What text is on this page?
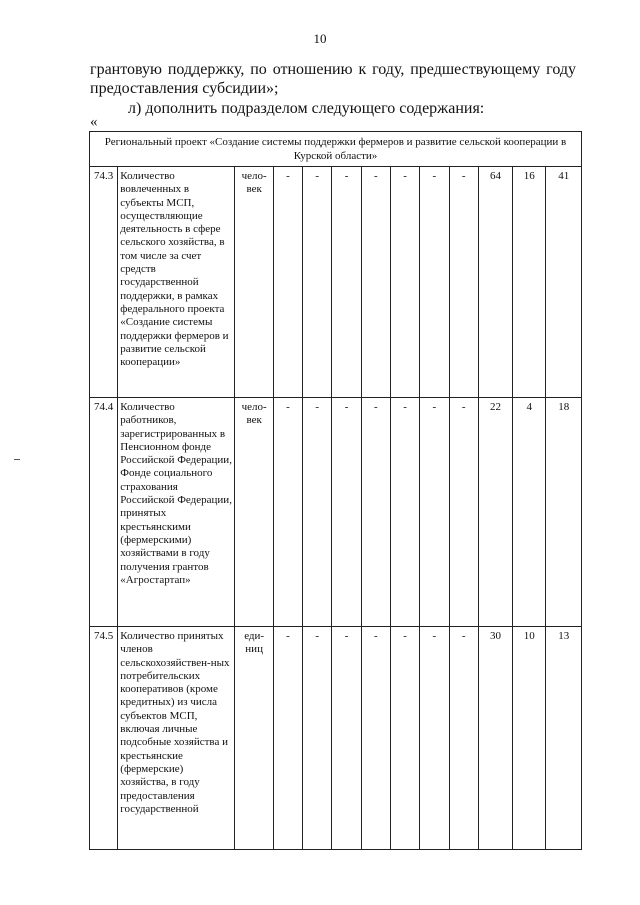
10

грантовую поддержку, по отношению к году, предшествующему году

предоставления субсидии»;

л) дополнить подразделом следующего содержания:

«
Региональный проект «Создание системы поддержки фермеров и развитие сельской кооперации в Курской области»												
74.3	Количество вовлеченных в субъекты МСП, осуществляющие деятельность в сфере сельского хозяйства, в том числе за счет средств государственной поддержки, в рамках федерального проекта «Создание системы поддержки фермеров и развитие сельской кооперации»	чело-век	-	-	-	-	-	-	-	64	16	41
74.4	Количество работников, зарегистрированных в Пенсионном фонде Российской Федерации, Фонде социального страхования Российской Федерации, принятых крестьянскими (фермерскими) хозяйствами в году получения грантов «Агростартап»	чело-век	-	-	-	-	-	-	-	22	4	18
74.5	Количество принятых членов сельскохозяйствен-ных потребительских кооперативов (кроме кредитных) из числа субъектов МСП, включая личные подсобные хозяйства и крестьянские (фермерские) хозяйства, в году предоставления государственной	еди-ниц	-	-	-	-	-	-	-	30	10	13
